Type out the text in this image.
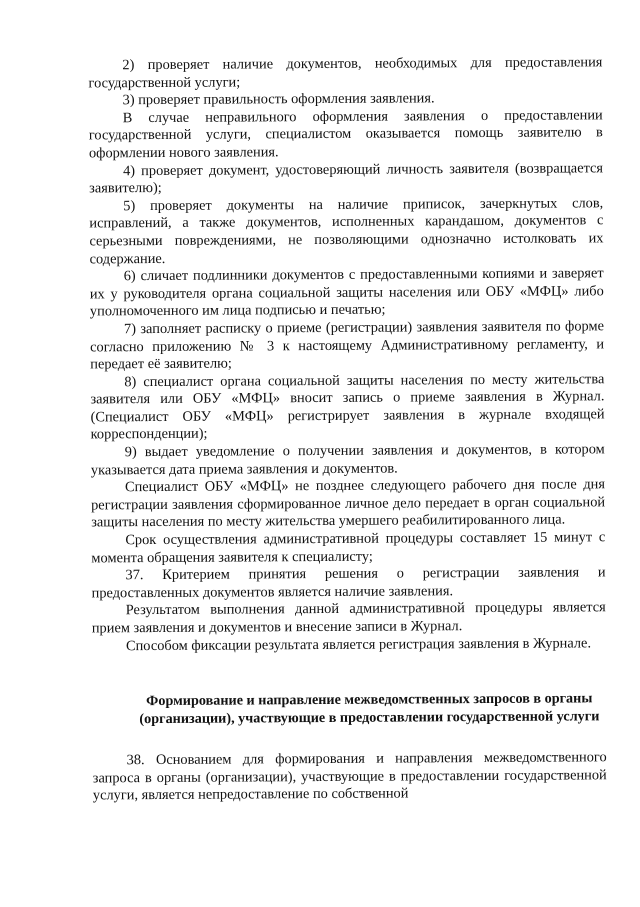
2) проверяет наличие документов, необходимых для предоставления государственной услуги;

3) проверяет правильность оформления заявления.

В случае неправильного оформления заявления о предоставлении государственной услуги, специалистом оказывается помощь заявителю в оформлении нового заявления.

4) проверяет документ, удостоверяющий личность заявителя (возвращается заявителю);

5) проверяет документы на наличие приписок, зачеркнутых слов, исправлений, а также документов, исполненных карандашом, документов с серьезными повреждениями, не позволяющими однозначно истолковать их содержание.

6) сличает подлинники документов с предоставленными копиями и заверяет их у руководителя органа социальной защиты населения или ОБУ «МФЦ» либо уполномоченного им лица подписью и печатью;

7) заполняет расписку о приеме (регистрации) заявления заявителя по форме согласно приложению № 3 к настоящему Административному регламенту, и передает её заявителю;

8) специалист органа социальной защиты населения по месту жительства заявителя или ОБУ «МФЦ» вносит запись о приеме заявления в Журнал. (Специалист ОБУ «МФЦ» регистрирует заявления в журнале входящей корреспонденции);

9) выдает уведомление о получении заявления и документов, в котором указывается дата приема заявления и документов.

Специалист ОБУ «МФЦ» не позднее следующего рабочего дня после дня регистрации заявления сформированное личное дело передает в орган социальной защиты населения по месту жительства умершего реабилитированного лица.

Срок осуществления административной процедуры составляет 15 минут с момента обращения заявителя к специалисту;

37. Критерием принятия решения о регистрации заявления и предоставленных документов является наличие заявления.

Результатом выполнения данной административной процедуры является прием заявления и документов и внесение записи в Журнал.

Способом фиксации результата является регистрация заявления в Журнале.

Формирование и направление межведомственных запросов в органы (организации), участвующие в предоставлении государственной услуги

38. Основанием для формирования и направления межведомственного запроса в органы (организации), участвующие в предоставлении государственной услуги, является непредоставление по собственной
